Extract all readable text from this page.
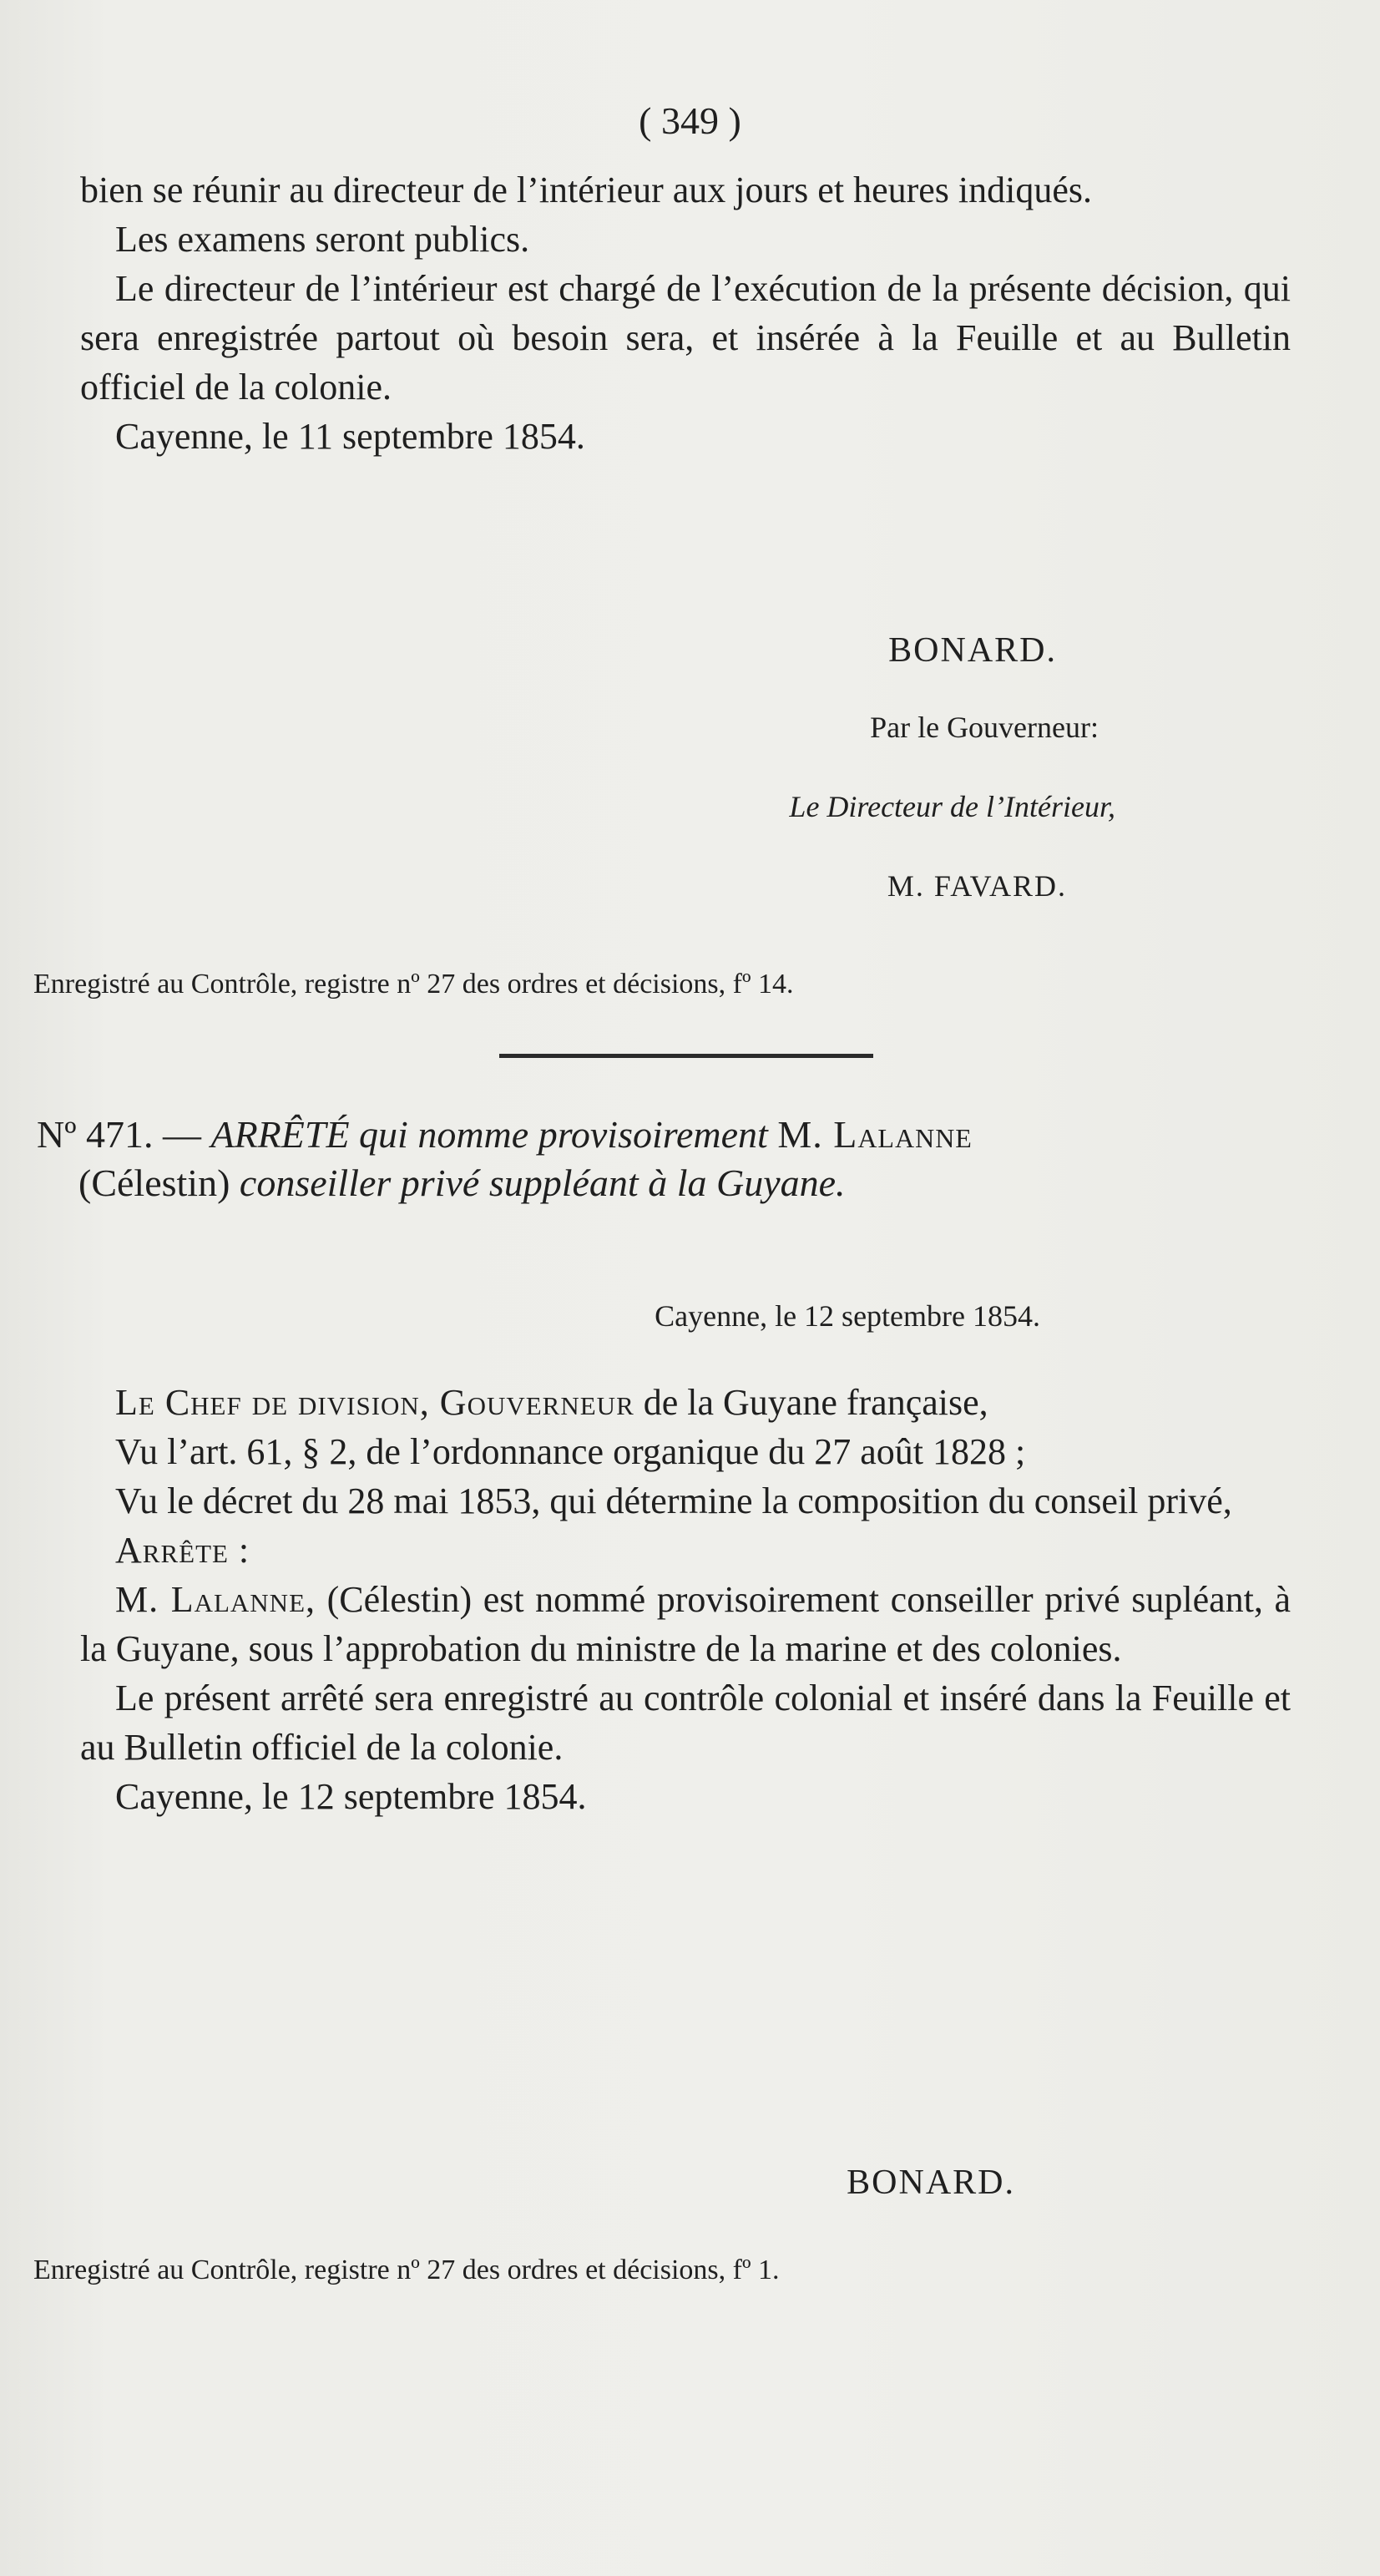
( 349 )

bien se réunir au directeur de l’intérieur aux jours et heures indiqués.

Les examens seront publics.

Le directeur de l’intérieur est chargé de l’exécution de la présente décision, qui sera enregistrée partout où besoin sera, et insérée à la Feuille et au Bulletin officiel de la colonie.

Cayenne, le 11 septembre 1854.

BONARD.
Par le Gouverneur:
Le Directeur de l’Intérieur,
M. FAVARD.
Enregistré au Contrôle, registre nº 27 des ordres et décisions, fº 14.

Nº 471. — ARRÊTÉ qui nomme provisoirement M. Lalanne

(Célestin) conseiller privé suppléant à la Guyane.

Cayenne, le 12 septembre 1854.

Le Chef de division, Gouverneur de la Guyane française,

Vu l’art. 61, § 2, de l’ordonnance organique du 27 août 1828 ;

Vu le décret du 28 mai 1853, qui détermine la composition du conseil privé,

Arrête :

M. Lalanne, (Célestin) est nommé provisoirement conseiller privé supléant, à la Guyane, sous l’approbation du ministre de la marine et des colonies.

Le présent arrêté sera enregistré au contrôle colonial et inséré dans la Feuille et au Bulletin officiel de la colonie.

Cayenne, le 12 septembre 1854.

BONARD.
Enregistré au Contrôle, registre nº 27 des ordres et décisions, fº 1.
